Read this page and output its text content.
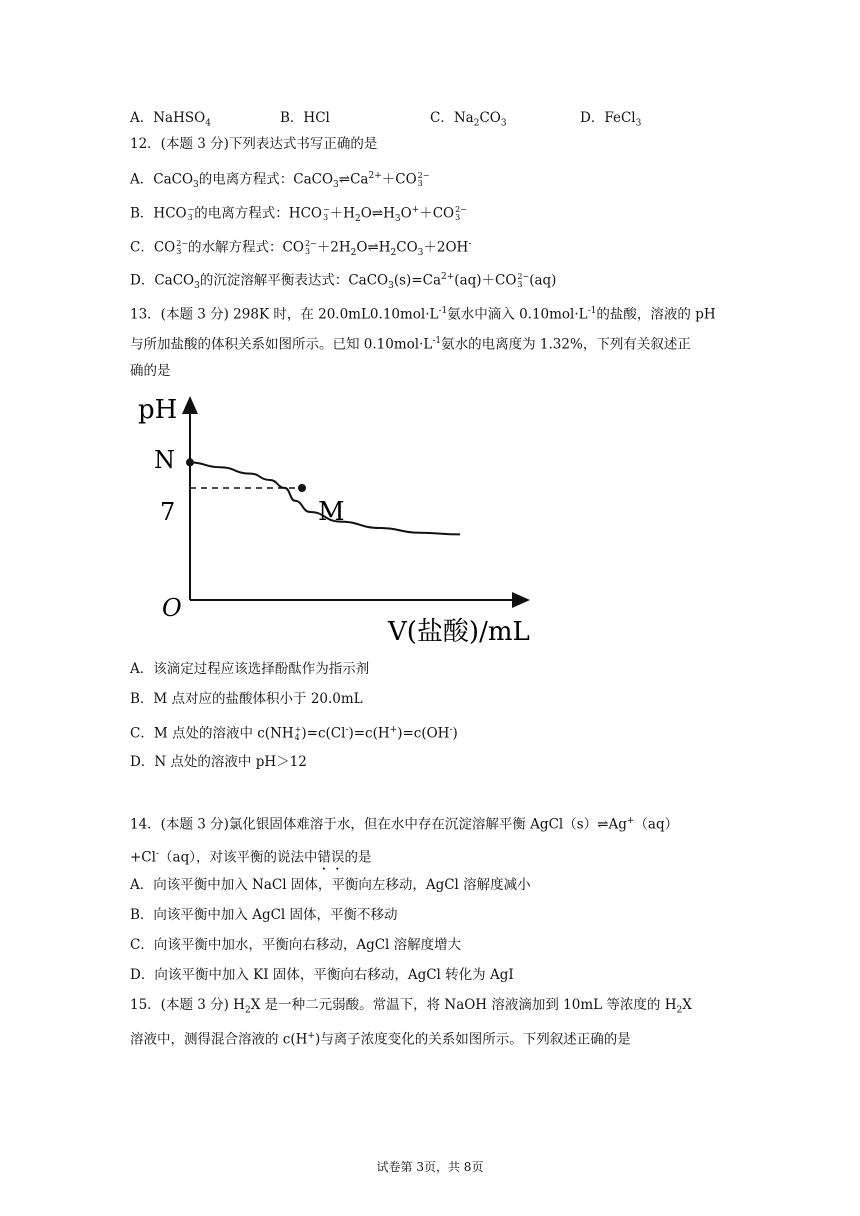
A．NaHSO$_4$	B．HCl	C．$Na_2CO_3$	D．FeCl$_3$
12．(本题 3 分)下列表达式书写正确的是
A．CaCO$_3$的电离方程式：$CaCO_3\rightleftharpoons Ca^{2+}+CO$ 2−
3
B．HCO −
3 的电离方程式：HCO −
$3 +H_2O\rightleftharpoons H_3O^++CO$ 2−
3
C．CO 2−
3 的水解方程式：CO 2−
$3 +2H_2O\rightleftharpoons H_2CO_3+2OH^-$
D．CaCO$_3$的沉淀溶解平衡表达式：$CaCO_3(s)=Ca^{2+}(aq)+CO$ 2−
3 (aq)
13．(本题 3 分) 298K 时，在 $20.0mL0.10mol\cdot L^{-1}$氨水中滴入 $0.10mol\cdot L^{-1}$的盐酸，溶液的 pH
与所加盐酸的体积关系如图所示。已知 $0.10mol\cdot L^{-1}$氨水的电离度为 1.32%，下列有关叙述正
确的是
pH
V(盐酸)/mL
O
N
7	M
A．该滴定过程应该选择酚酞作为指示剂
B．M 点对应的盐酸体积小于 20.0mL
C．M 点处的溶液中 c(NH +
4 )=c(Cl-)=c(H+)=c(OH-)
D．N 点处的溶液中 pH＞12
14．(本题 3 分)氯化银固体难溶于水，但在水中存在沉淀溶解平衡 AgCl（s）⇌Ag+（aq）
+Cl-（aq），对该平衡的说法中错误的是
A．向该平衡中加入 NaCl 固体，平衡向左移动，AgCl 溶解度减小
B．向该平衡中加入 AgCl 固体，平衡不移动
C．向该平衡中加水，平衡向右移动，AgCl 溶解度增大
D．向该平衡中加入 KI 固体，平衡向右移动，AgCl 转化为 AgI
15．(本题 3 分) $H_2X$ 是一种二元弱酸。常温下，将 NaOH 溶液滴加到 10mL 等浓度的 $H_2X$
溶液中，测得混合溶液的 c(H+)与离子浓度变化的关系如图所示。下列叙述正确的是
试卷第 3页，共 8页
